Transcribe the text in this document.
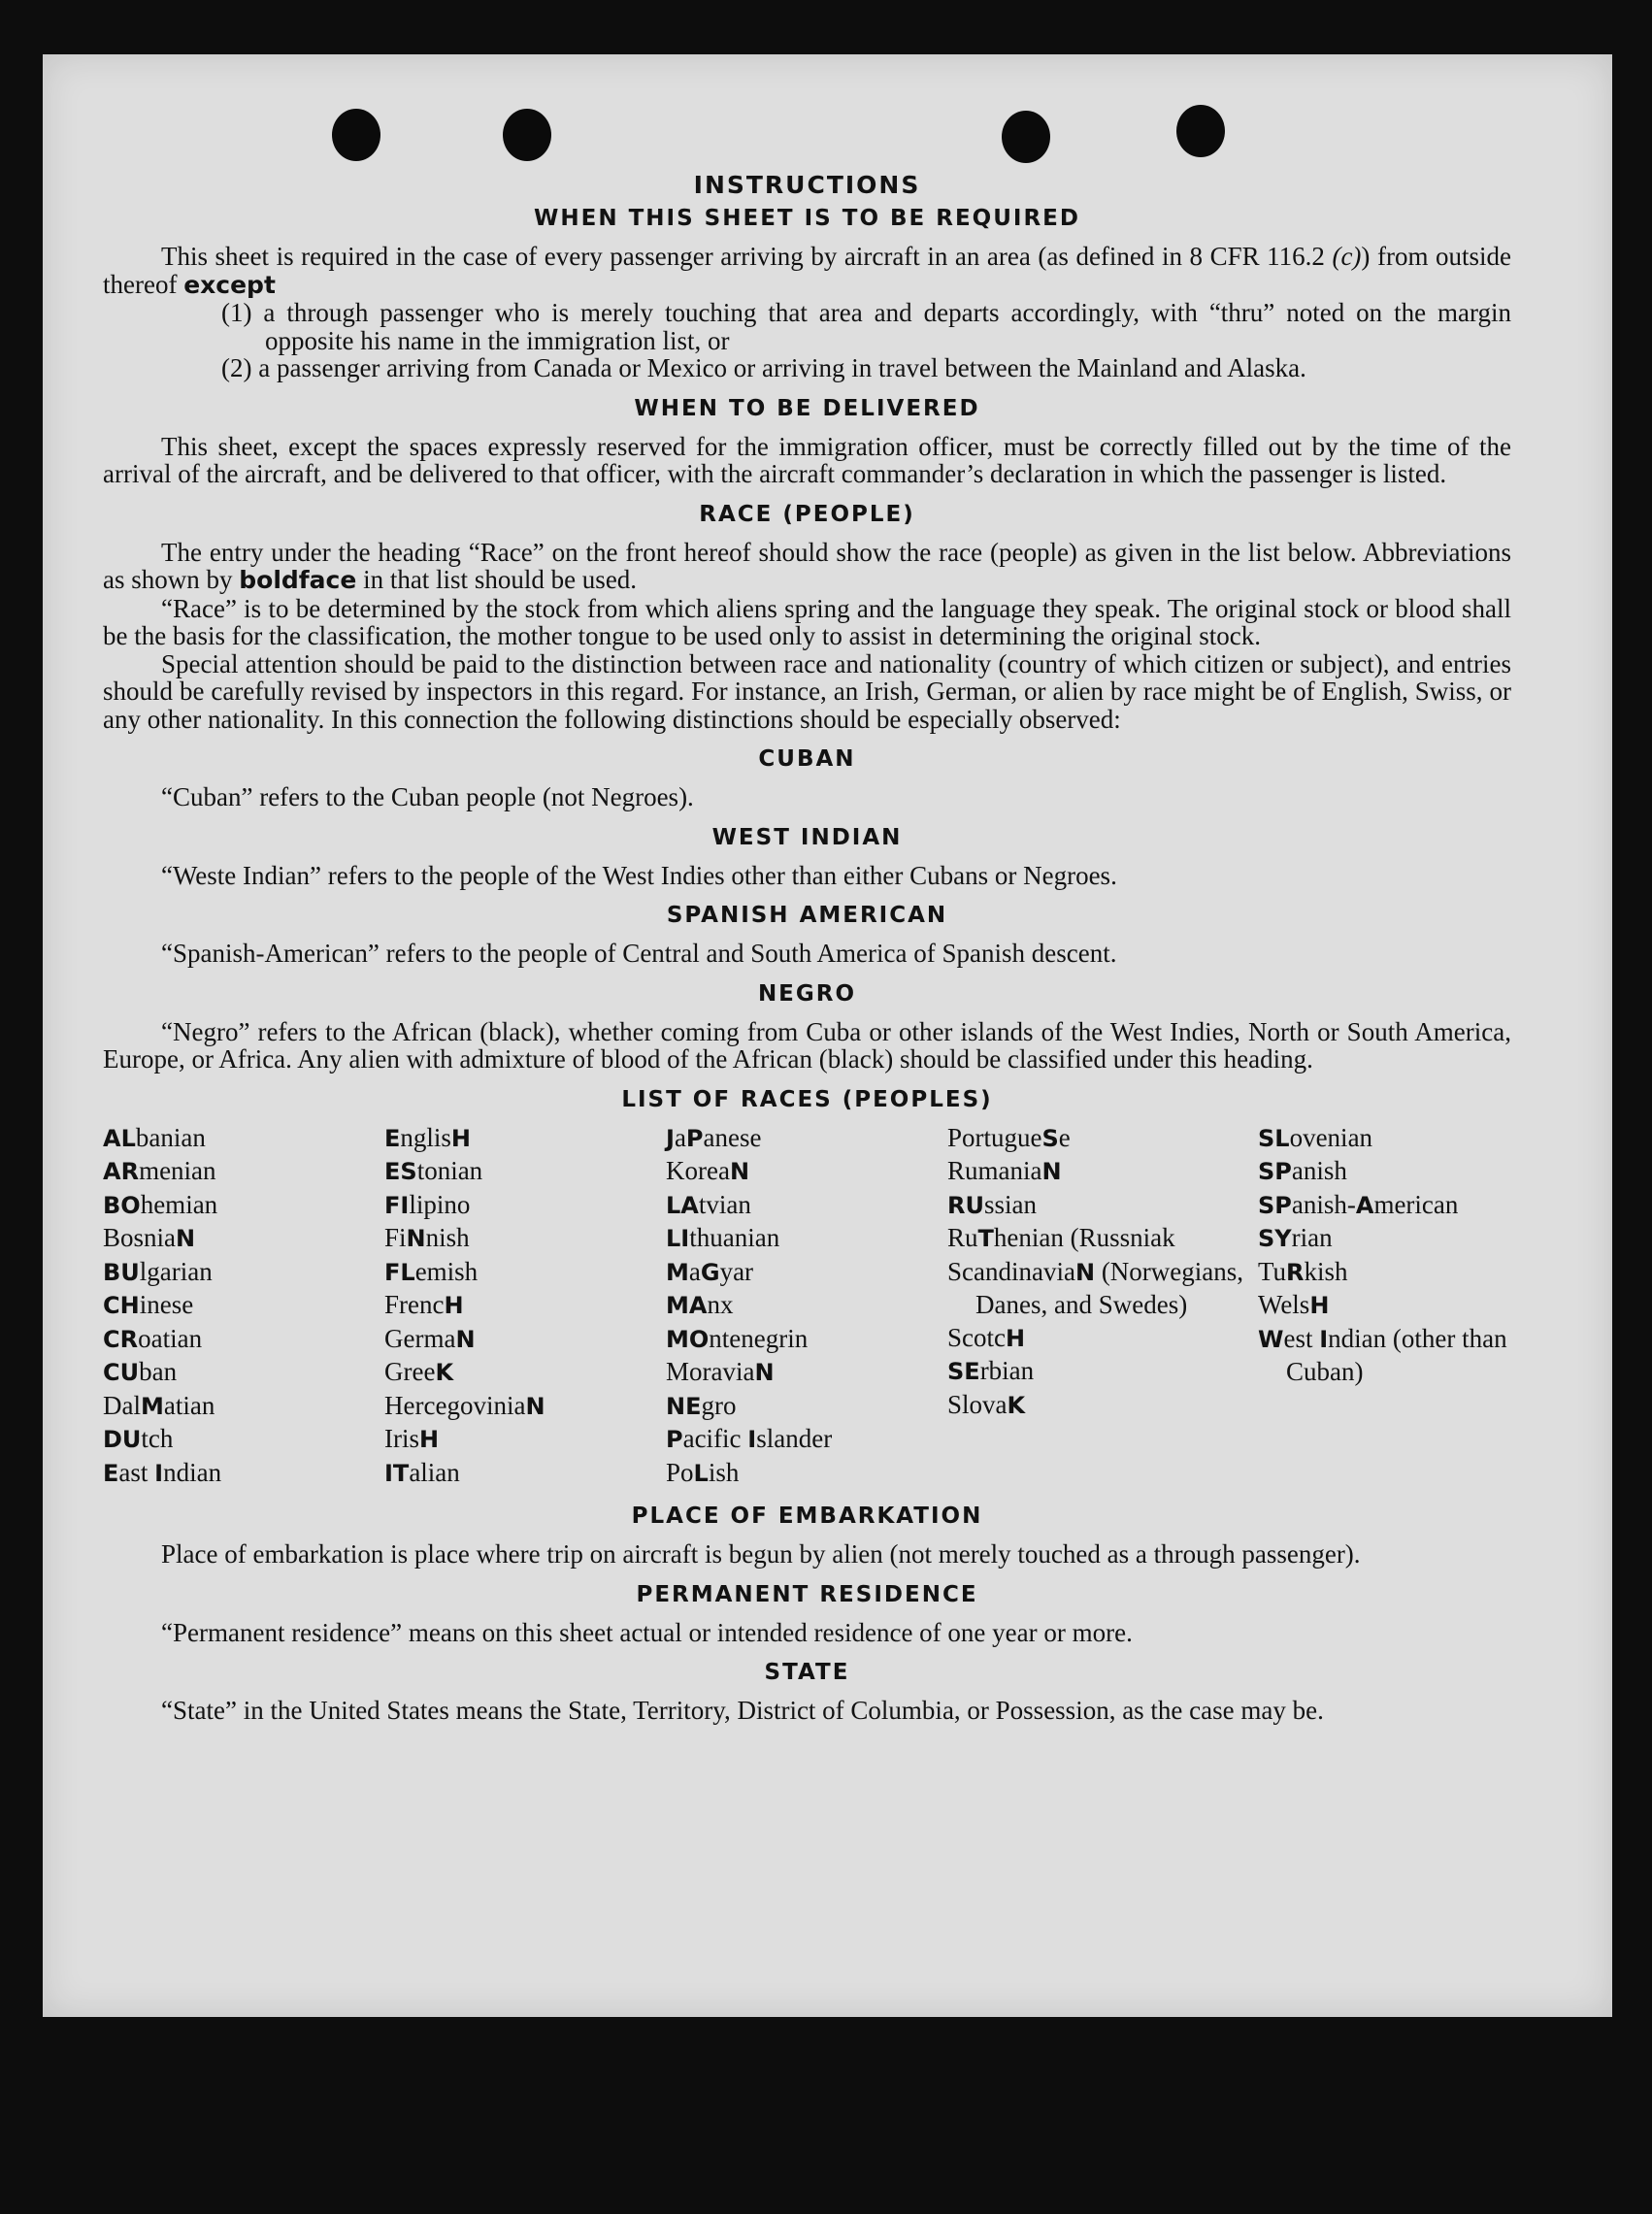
INSTRUCTIONS
WHEN THIS SHEET IS TO BE REQUIRED

This sheet is required in the case of every passenger arriving by aircraft in an area (as defined in 8 CFR 116.2 (c)) from outside thereof except

(1) a through passenger who is merely touching that area and departs accordingly, with “thru” noted on the margin opposite his name in the immigration list, or
(2) a passenger arriving from Canada or Mexico or arriving in travel between the Mainland and Alaska.
WHEN TO BE DELIVERED

This sheet, except the spaces expressly reserved for the immigration officer, must be correctly filled out by the time of the arrival of the aircraft, and be delivered to that officer, with the aircraft commander’s declaration in which the passenger is listed.

RACE (PEOPLE)

The entry under the heading “Race” on the front hereof should show the race (people) as given in the list below. Abbreviations as shown by boldface in that list should be used.

“Race” is to be determined by the stock from which aliens spring and the language they speak. The original stock or blood shall be the basis for the classification, the mother tongue to be used only to assist in determining the original stock.

Special attention should be paid to the distinction between race and nationality (country of which citizen or subject), and entries should be carefully revised by inspectors in this regard. For instance, an Irish, German, or alien by race might be of English, Swiss, or any other nationality. In this connection the following distinctions should be especially observed:

CUBAN

“Cuban” refers to the Cuban people (not Negroes).

WEST INDIAN

“Weste Indian” refers to the people of the West Indies other than either Cubans or Negroes.

SPANISH AMERICAN

“Spanish-American” refers to the people of Central and South America of Spanish descent.

NEGRO

“Negro” refers to the African (black), whether coming from Cuba or other islands of the West Indies, North or South America, Europe, or Africa. Any alien with admixture of blood of the African (black) should be classified under this heading.

LIST OF RACES (PEOPLES)
ALbanian
ARmenian
BOhemian
BosniaN
BUlgarian
CHinese
CRoatian
CUban
DalMatian
DUtch
East Indian
EnglisH
EStonian
FIlipino
FiNnish
FLemish
FrencH
GermaN
GreeK
HercegoviniaN
IrisH
ITalian
JaPanese
KoreaN
LAtvian
LIthuanian
MaGyar
MAnx
MOntenegrin
MoraviaN
NEgro
Pacific Islander
PoLish
PortugueSe
RumaniaN
RUssian
RuThenian (Russniak
ScandinaviaN (Norwegians, Danes, and Swedes)
ScotcH
SErbian
SlovaK
SLovenian
SPanish
SPanish-American
SYrian
TuRkish
WelsH
West Indian (other than Cuban)
PLACE OF EMBARKATION

Place of embarkation is place where trip on aircraft is begun by alien (not merely touched as a through passenger).

PERMANENT RESIDENCE

“Permanent residence” means on this sheet actual or intended residence of one year or more.

STATE

“State” in the United States means the State, Territory, District of Columbia, or Possession, as the case may be.
